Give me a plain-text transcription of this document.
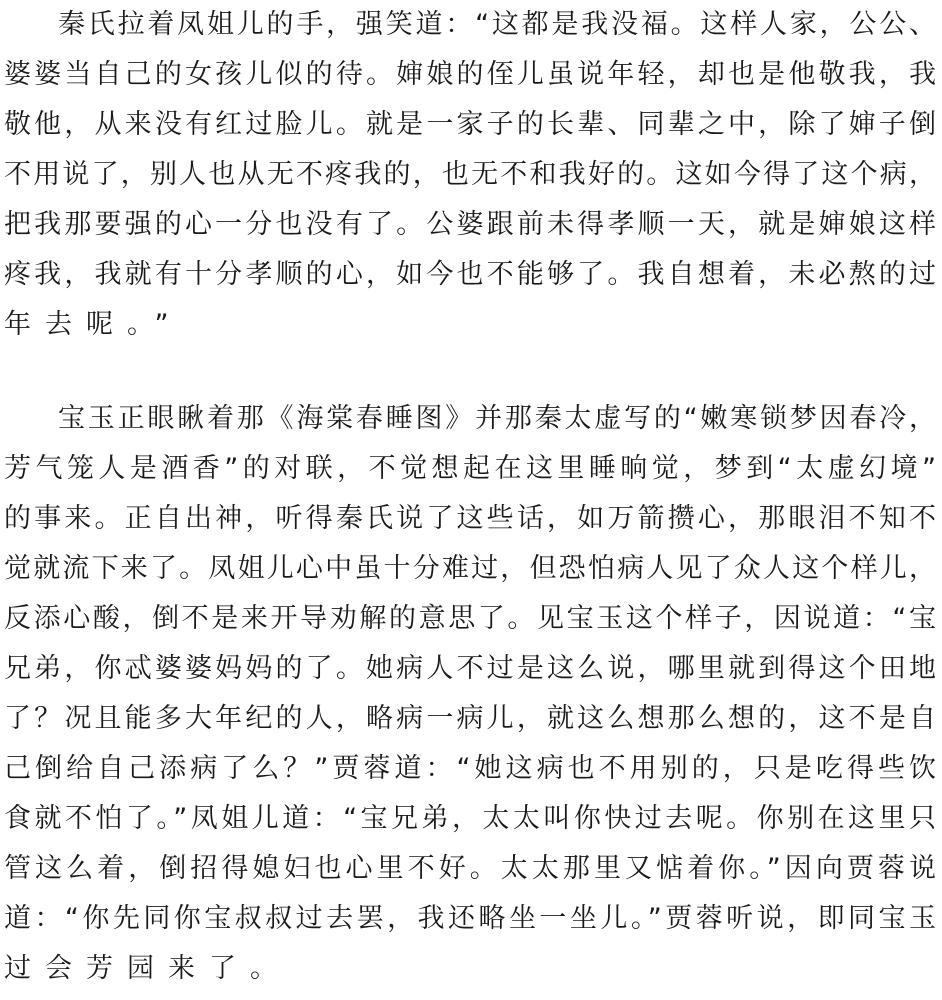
秦氏拉着凤姐儿的手，强笑道：“这都是我没福。这样人家，公公、
婆婆当自己的女孩儿似的待。婶娘的侄儿虽说年轻，却也是他敬我，我
敬他，从来没有红过脸儿。就是一家子的长辈、同辈之中，除了婶子倒
不用说了，别人也从无不疼我的，也无不和我好的。这如今得了这个病，
把我那要强的心一分也没有了。公婆跟前未得孝顺一天，就是婶娘这样
疼我，我就有十分孝顺的心，如今也不能够了。我自想着，未必熬的过
年去呢。”
宝玉正眼瞅着那《海棠春睡图》并那秦太虚写的“嫩寒锁梦因春冷，
芳气笼人是酒香”的对联，不觉想起在这里睡晌觉，梦到“太虚幻境”
的事来。正自出神，听得秦氏说了这些话，如万箭攒心，那眼泪不知不
觉就流下来了。凤姐儿心中虽十分难过，但恐怕病人见了众人这个样儿，
反添心酸，倒不是来开导劝解的意思了。见宝玉这个样子，因说道：“宝
兄弟，你忒婆婆妈妈的了。她病人不过是这么说，哪里就到得这个田地
了？况且能多大年纪的人，略病一病儿，就这么想那么想的，这不是自
己倒给自己添病了么？”贾蓉道：“她这病也不用别的，只是吃得些饮
食就不怕了。”凤姐儿道：“宝兄弟，太太叫你快过去呢。你别在这里只
管这么着，倒招得媳妇也心里不好。太太那里又惦着你。”因向贾蓉说
道：“你先同你宝叔叔过去罢，我还略坐一坐儿。”贾蓉听说，即同宝玉
过会芳园来了。
